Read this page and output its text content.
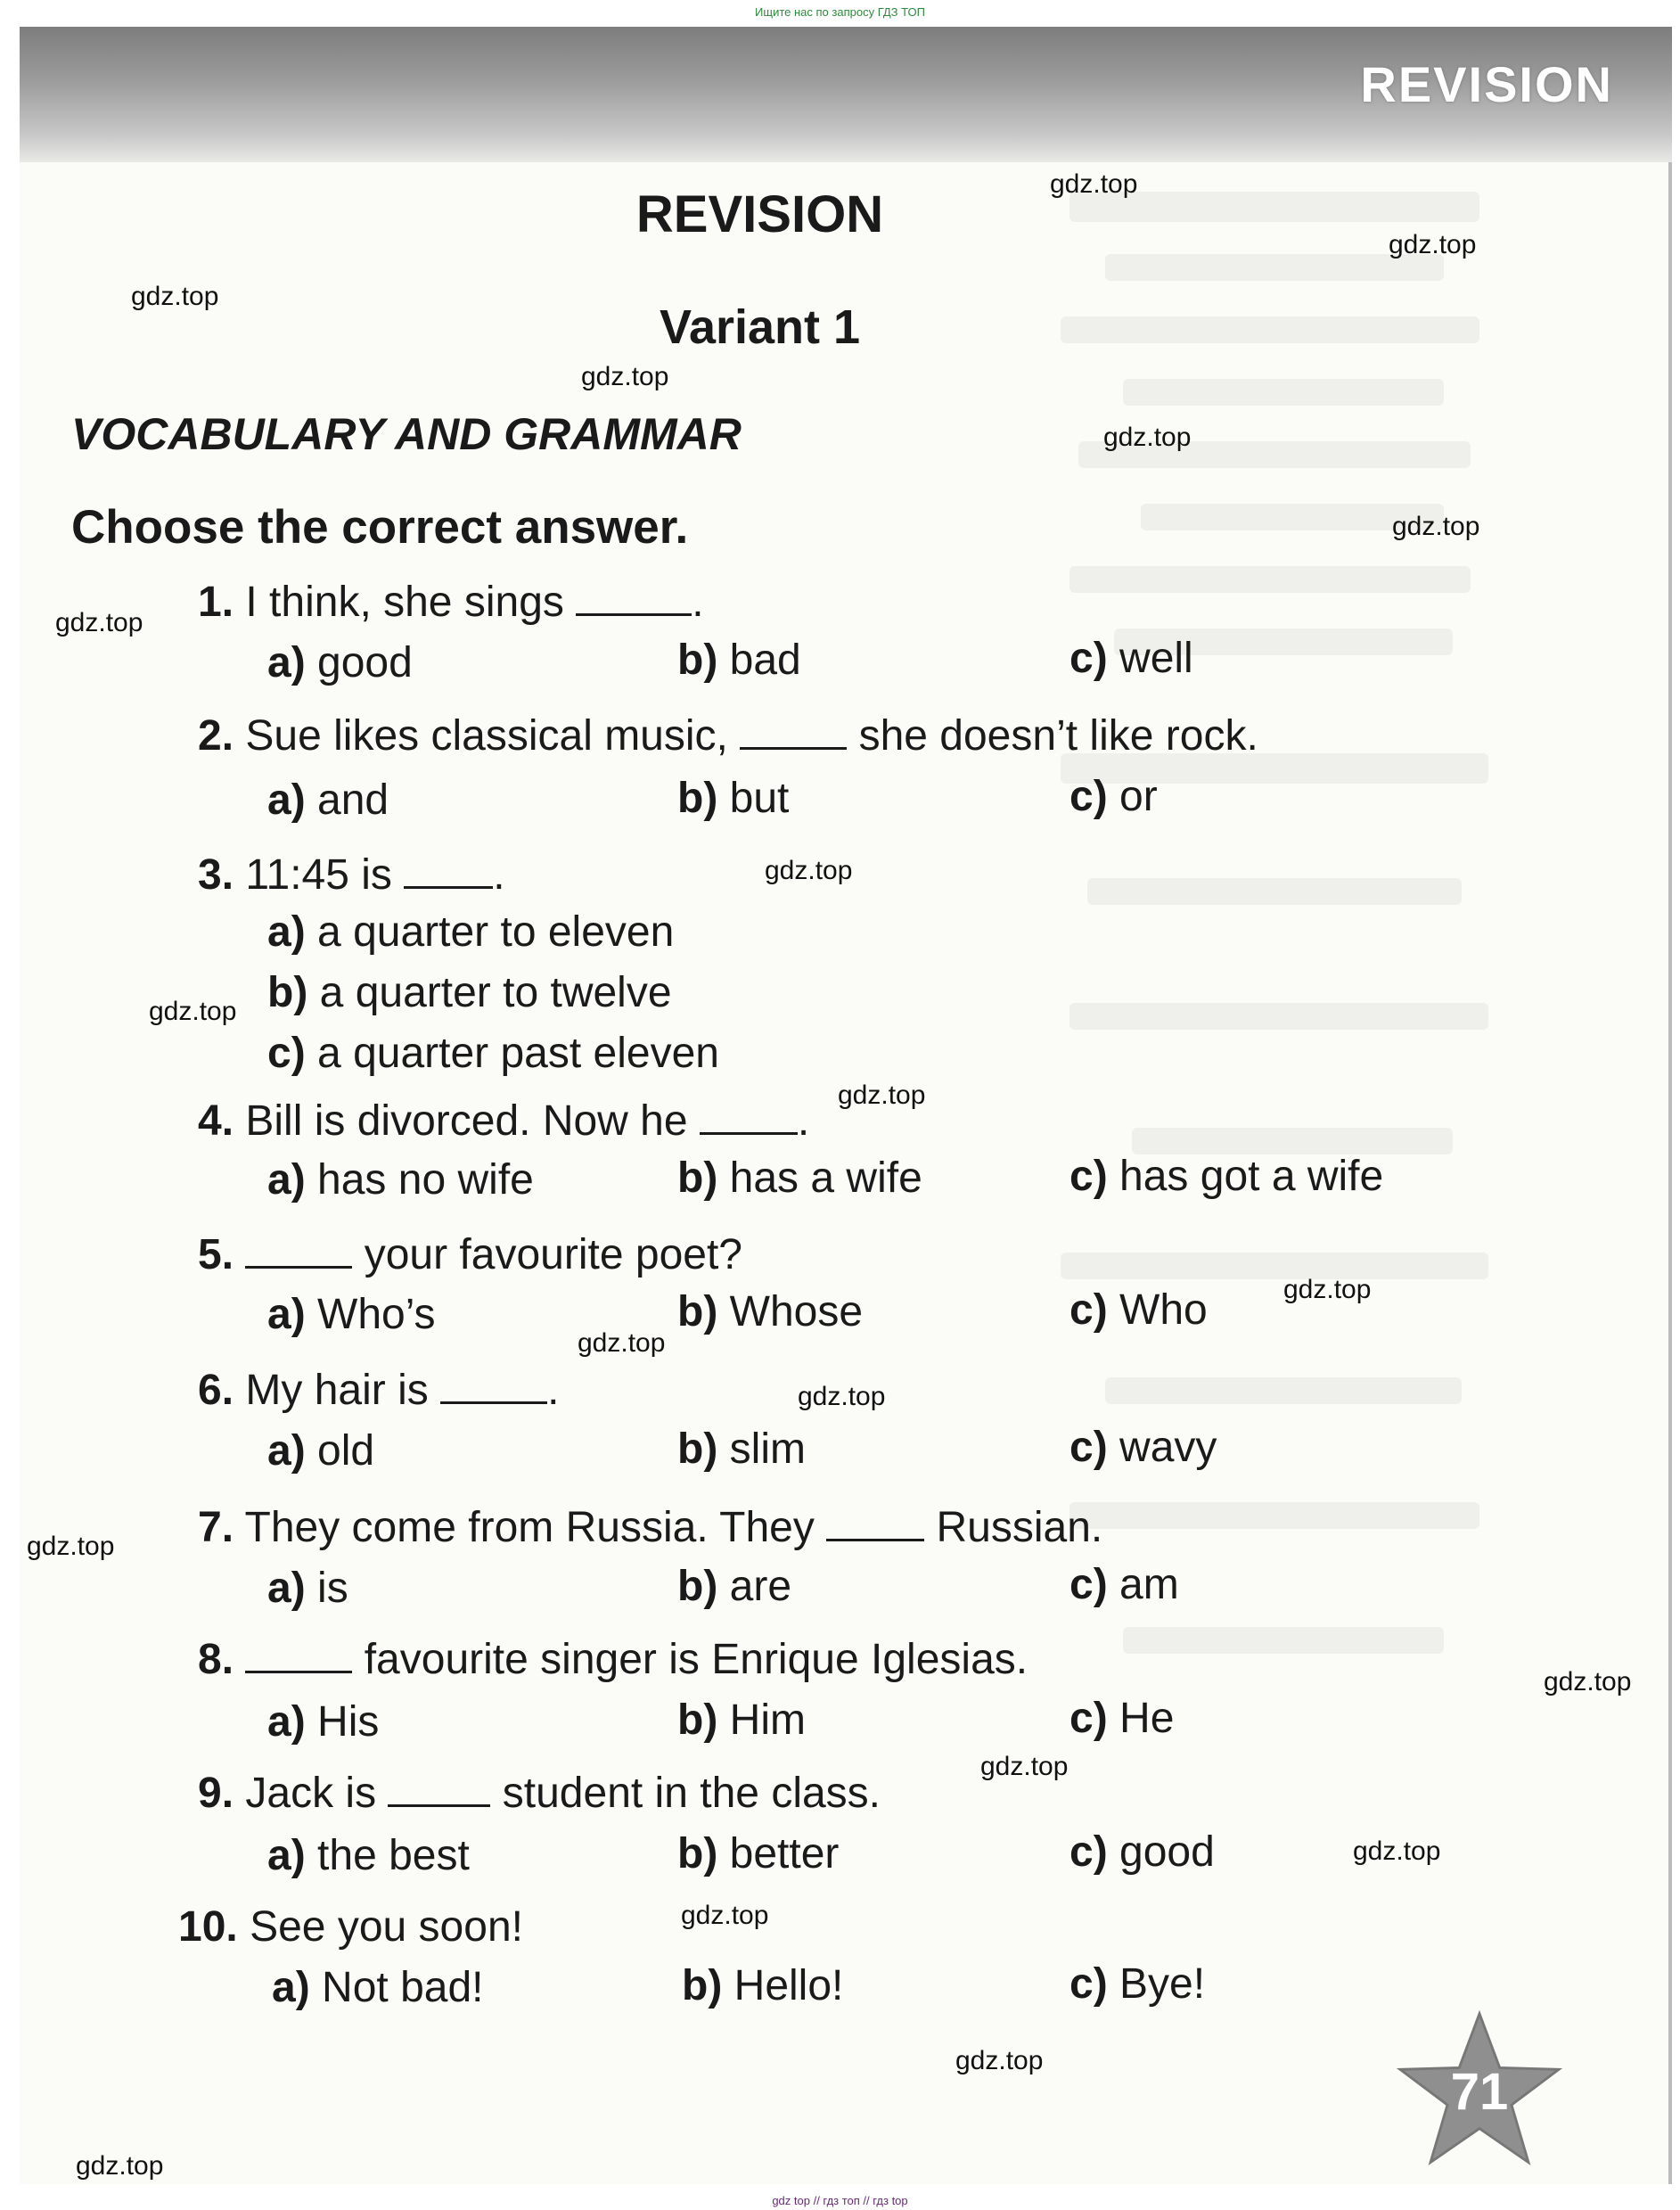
Ищите нас по запросу ГДЗ ТОП
REVISION
REVISION
Variant 1
VOCABULARY AND GRAMMAR
Choose the correct answer.
1. I think, she sings	.
a) good	b) bad	c) well
2. Sue likes classical music,	she doesn’t like rock.
a) and	b) but	c) or
3. 11:45 is .
a) a quarter to eleven
b) a quarter to twelve
c) a quarter past eleven
4. Bill is divorced. Now he	.
a) has no wife	b) has a wife	c) has got a wife
5.	your favourite poet?
a) Who’s	b) Whose	c) Who
6. My hair is	.
a) old	b) slim	c) wavy
7. They come from Russia. They	Russian.
a) is	b) are	c) am
8.	favourite singer is Enrique Iglesias.
a) His	b) Him	c) He
9. Jack is	student in the class.
a) the best	b) better	c) good
10. See you soon!
a) Not bad!	b) Hello!	c) Bye!
71
gdz.top
gdz.top
gdz.top
gdz.top
gdz.top
gdz.top
gdz.top
gdz.top
gdz.top
gdz.top
gdz.top
gdz.top
gdz.top
gdz.top
gdz.top
gdz.top
gdz.top
gdz.top
gdz.top
gdz.top
gdz top // гдз топ // гдз top
